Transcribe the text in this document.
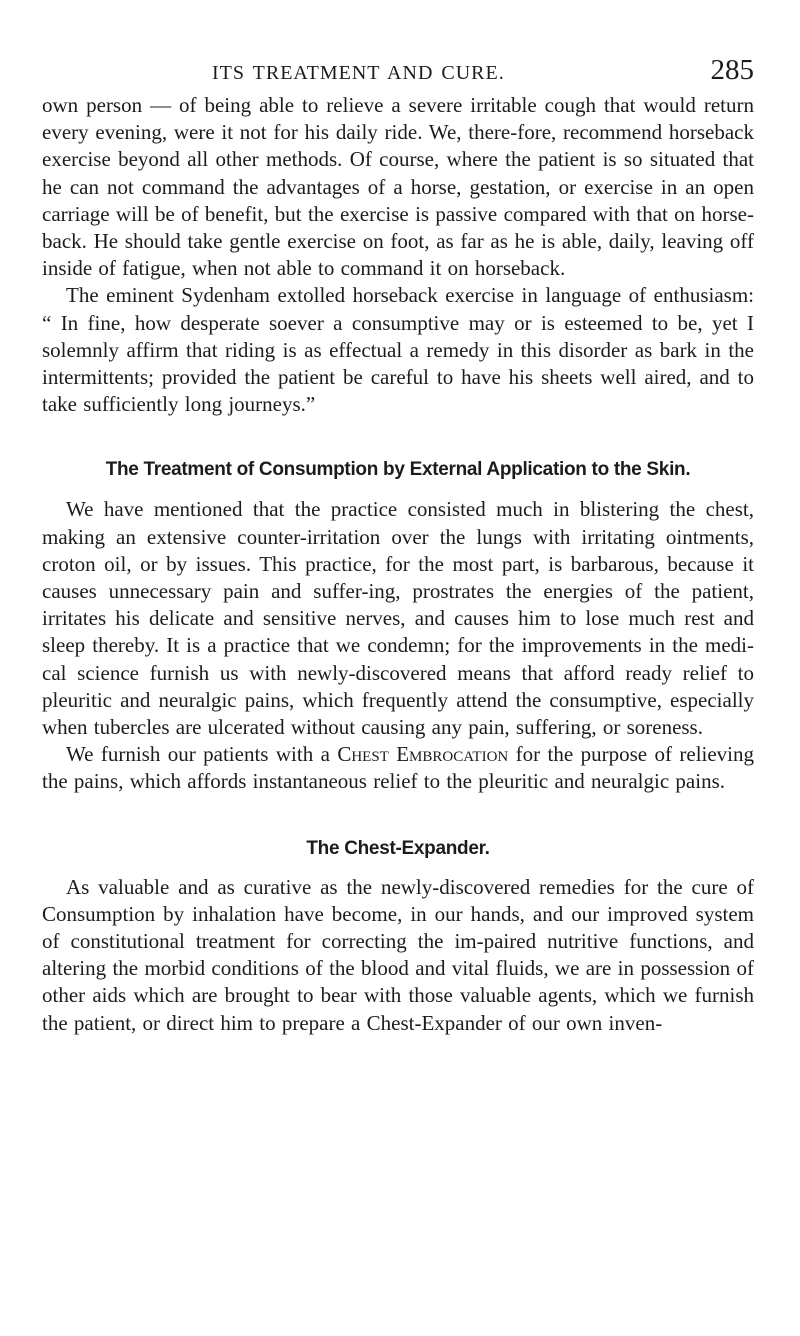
ITS TREATMENT AND CURE.	285

own person — of being able to relieve a severe irritable cough that would return every evening, were it not for his daily ride. We, there-fore, recommend horseback exercise beyond all other methods. Of course, where the patient is so situated that he can not command the advantages of a horse, gestation, or exercise in an open carriage will be of benefit, but the exercise is passive compared with that on horse-back. He should take gentle exercise on foot, as far as he is able, daily, leaving off inside of fatigue, when not able to command it on horseback.

The eminent Sydenham extolled horseback exercise in language of enthusiasm: “ In fine, how desperate soever a consumptive may or is esteemed to be, yet I solemnly affirm that riding is as effectual a remedy in this disorder as bark in the intermittents; provided the patient be careful to have his sheets well aired, and to take sufficiently long journeys.”

The Treatment of Consumption by External Application to the Skin.

We have mentioned that the practice consisted much in blistering the chest, making an extensive counter-irritation over the lungs with irritating ointments, croton oil, or by issues. This practice, for the most part, is barbarous, because it causes unnecessary pain and suffer-ing, prostrates the energies of the patient, irritates his delicate and sensitive nerves, and causes him to lose much rest and sleep thereby. It is a practice that we condemn; for the improvements in the medi-cal science furnish us with newly-discovered means that afford ready relief to pleuritic and neuralgic pains, which frequently attend the consumptive, especially when tubercles are ulcerated without causing any pain, suffering, or soreness.

We furnish our patients with a Chest Embrocation for the purpose of relieving the pains, which affords instantaneous relief to the pleuritic and neuralgic pains.

The Chest-Expander.

As valuable and as curative as the newly-discovered remedies for the cure of Consumption by inhalation have become, in our hands, and our improved system of constitutional treatment for correcting the im-paired nutritive functions, and altering the morbid conditions of the blood and vital fluids, we are in possession of other aids which are brought to bear with those valuable agents, which we furnish the patient, or direct him to prepare a Chest-Expander of our own inven-
